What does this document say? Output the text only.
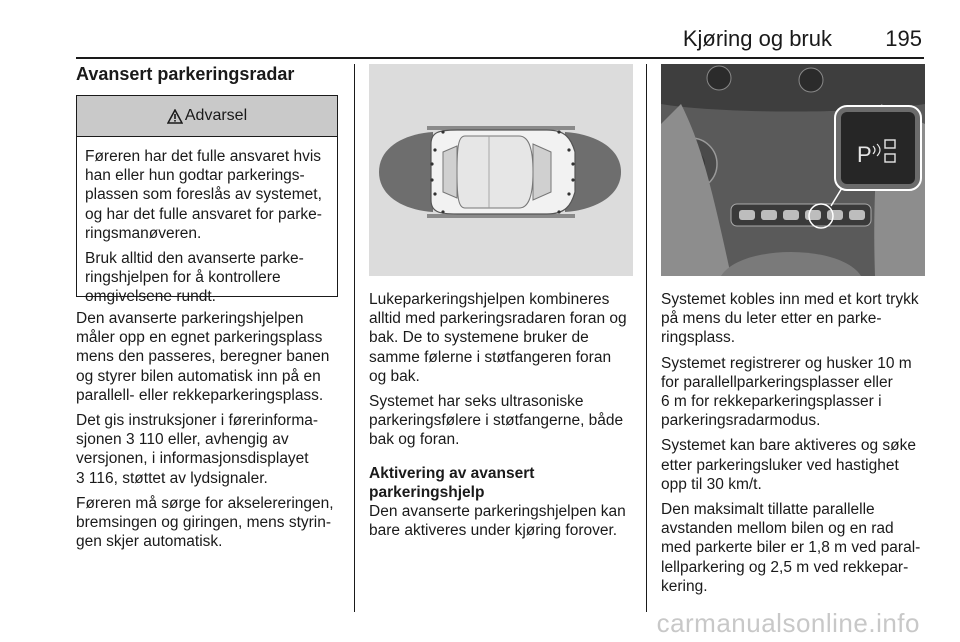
Kjøring og bruk 195
Avansert parkeringsradar
Advarsel

Føreren har det fulle ansvaret hvis
han eller hun godtar parkerings-
plassen som foreslås av systemet,
og har det fulle ansvaret for parke-
ringsmanøveren.

Bruk alltid den avanserte parke-
ringshjelpen for å kontrollere
omgivelsene rundt.

Den avanserte parkeringshjelpen
måler opp en egnet parkeringsplass
mens den passeres, beregner banen
og styrer bilen automatisk inn på en
parallell- eller rekkeparkeringsplass.

Det gis instruksjoner i førerinforma-
sjonen 3 110 eller, avhengig av
versjonen, i informasjonsdisplayet
3 116, støttet av lydsignaler.

Føreren må sørge for akselereringen,
bremsingen og giringen, mens styrin-
gen skjer automatisk.

Lukeparkeringshjelpen kombineres
alltid med parkeringsradaren foran og
bak. De to systemene bruker de
samme følerne i støtfangeren foran
og bak.

Systemet har seks ultrasoniske
parkeringsfølere i støtfangerne, både
bak og foran.

Aktivering av avansert
parkeringshjelp

Den avanserte parkeringshjelpen kan
bare aktiveres under kjøring forover.

P

Systemet kobles inn med et kort trykk
på mens du leter etter en parke-
ringsplass.

Systemet registrerer og husker 10 m
for parallellparkeringsplasser eller
6 m for rekkeparkeringsplasser i
parkeringsradarmodus.

Systemet kan bare aktiveres og søke
etter parkeringsluker ved hastighet
opp til 30 km/t.

Den maksimalt tillatte parallelle
avstanden mellom bilen og en rad
med parkerte biler er 1,8 m ved paral-
lellparkering og 2,5 m ved rekkepar-
kering.

carmanualsonline.info
